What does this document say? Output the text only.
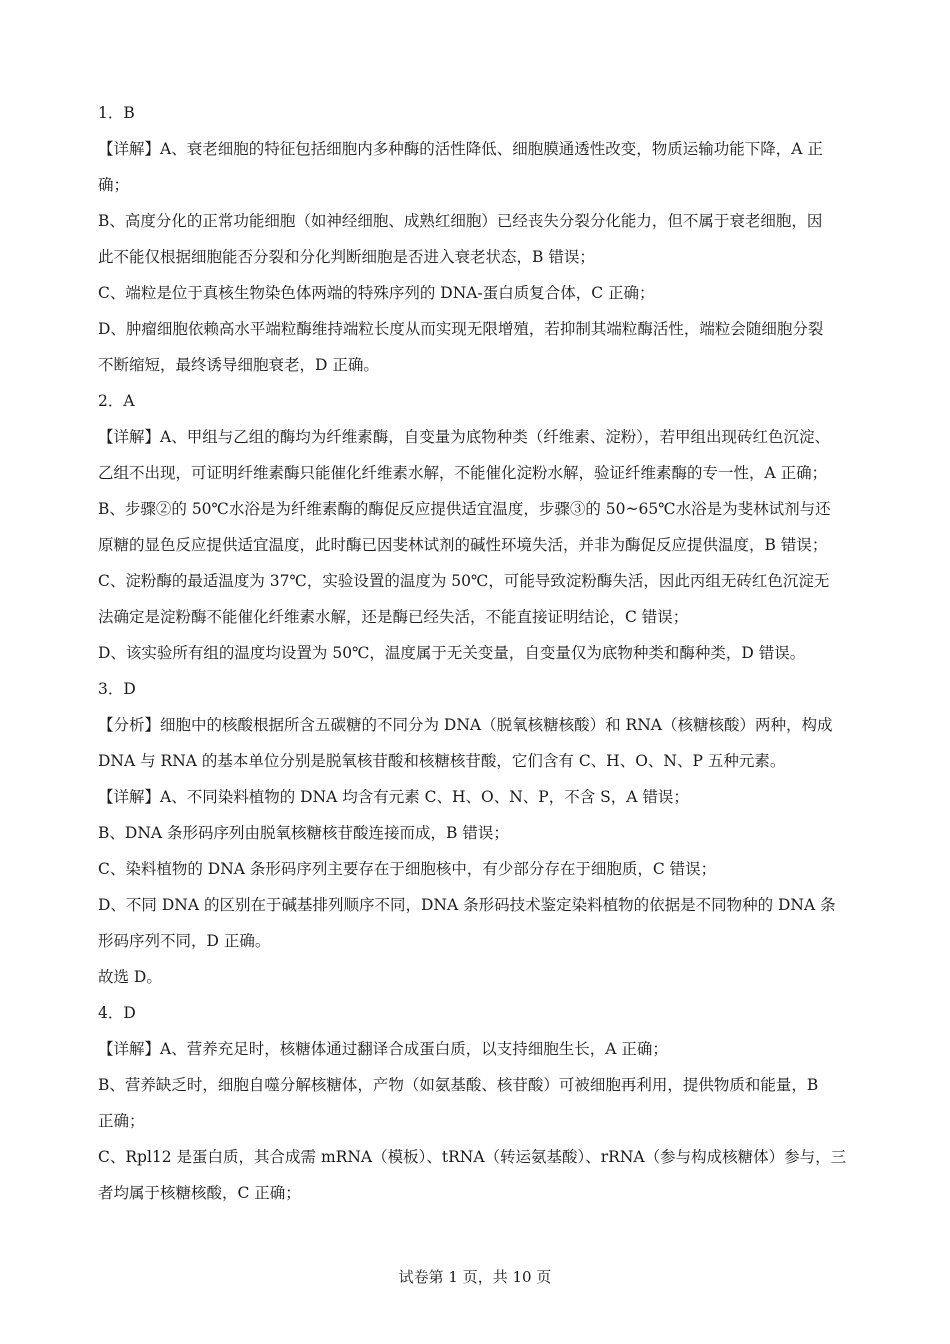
1．B
【详解】A、衰老细胞的特征包括细胞内多种酶的活性降低、细胞膜通透性改变，物质运输功能下降，A 正
确；
B、高度分化的正常功能细胞（如神经细胞、成熟红细胞）已经丧失分裂分化能力，但不属于衰老细胞，因
此不能仅根据细胞能否分裂和分化判断细胞是否进入衰老状态，B 错误；
C、端粒是位于真核生物染色体两端的特殊序列的 DNA-蛋白质复合体，C 正确；
D、肿瘤细胞依赖高水平端粒酶维持端粒长度从而实现无限增殖，若抑制其端粒酶活性，端粒会随细胞分裂
不断缩短，最终诱导细胞衰老，D 正确。
2．A
【详解】A、甲组与乙组的酶均为纤维素酶，自变量为底物种类（纤维素、淀粉），若甲组出现砖红色沉淀、
乙组不出现，可证明纤维素酶只能催化纤维素水解，不能催化淀粉水解，验证纤维素酶的专一性，A 正确；
B、步骤②的 50℃水浴是为纤维素酶的酶促反应提供适宜温度，步骤③的 50~65℃水浴是为斐林试剂与还
原糖的显色反应提供适宜温度，此时酶已因斐林试剂的碱性环境失活，并非为酶促反应提供温度，B 错误；
C、淀粉酶的最适温度为 37℃，实验设置的温度为 50℃，可能导致淀粉酶失活，因此丙组无砖红色沉淀无
法确定是淀粉酶不能催化纤维素水解，还是酶已经失活，不能直接证明结论，C 错误；
D、该实验所有组的温度均设置为 50℃，温度属于无关变量，自变量仅为底物种类和酶种类，D 错误。
3．D
【分析】细胞中的核酸根据所含五碳糖的不同分为 DNA（脱氧核糖核酸）和 RNA（核糖核酸）两种，构成
DNA 与 RNA 的基本单位分别是脱氧核苷酸和核糖核苷酸，它们含有 C、H、O、N、P 五种元素。
【详解】A、不同染料植物的 DNA 均含有元素 C、H、O、N、P，不含 S，A 错误；
B、DNA 条形码序列由脱氧核糖核苷酸连接而成，B 错误；
C、染料植物的 DNA 条形码序列主要存在于细胞核中，有少部分存在于细胞质，C 错误；
D、不同 DNA 的区别在于碱基排列顺序不同，DNA 条形码技术鉴定染料植物的依据是不同物种的 DNA 条
形码序列不同，D 正确。
故选 D。
4．D
【详解】A、营养充足时，核糖体通过翻译合成蛋白质，以支持细胞生长，A 正确；
B、营养缺乏时，细胞自噬分解核糖体，产物（如氨基酸、核苷酸）可被细胞再利用，提供物质和能量，B
正确；
C、Rpl12 是蛋白质，其合成需 mRNA（模板）、tRNA（转运氨基酸）、rRNA（参与构成核糖体）参与，三
者均属于核糖核酸，C 正确；
试卷第 1 页，共 10 页
